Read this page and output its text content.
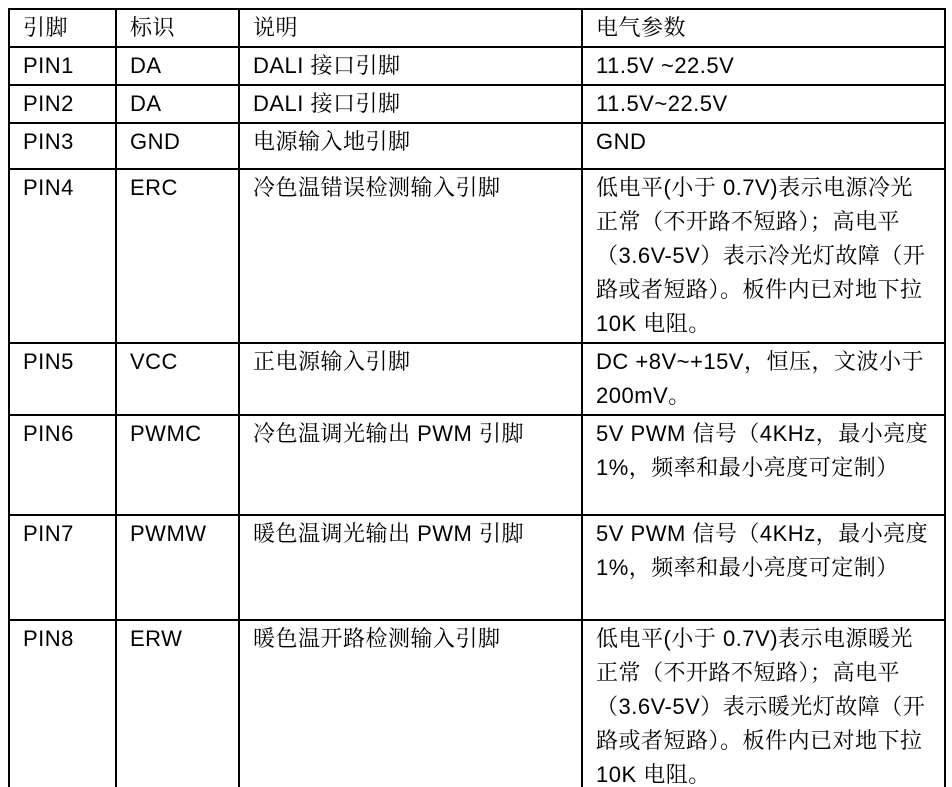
引脚	标识	说明	电气参数
PIN1	DA	DALI 接口引脚	11.5V ~22.5V
PIN2	DA	DALI 接口引脚	11.5V~22.5V
PIN3	GND	电源输入地引脚	GND
PIN4	ERC	冷色温错误检测输入引脚	低电平(小于 0.7V)表示电源冷光正常（不开路不短路）；高电平（3.6V-5V）表示冷光灯故障（开路或者短路）。板件内已对地下拉 10K 电阻。
PIN5	VCC	正电源输入引脚	DC +8V~+15V，恒压，文波小于 200mV。
PIN6	PWMC	冷色温调光输出 PWM 引脚	5V PWM 信号（4KHz，最小亮度 1%，频率和最小亮度可定制）
PIN7	PWMW	暖色温调光输出 PWM 引脚	5V PWM 信号（4KHz，最小亮度 1%，频率和最小亮度可定制）
PIN8	ERW	暖色温开路检测输入引脚	低电平(小于 0.7V)表示电源暖光正常（不开路不短路）；高电平（3.6V-5V）表示暖光灯故障（开路或者短路）。板件内已对地下拉 10K 电阻。
